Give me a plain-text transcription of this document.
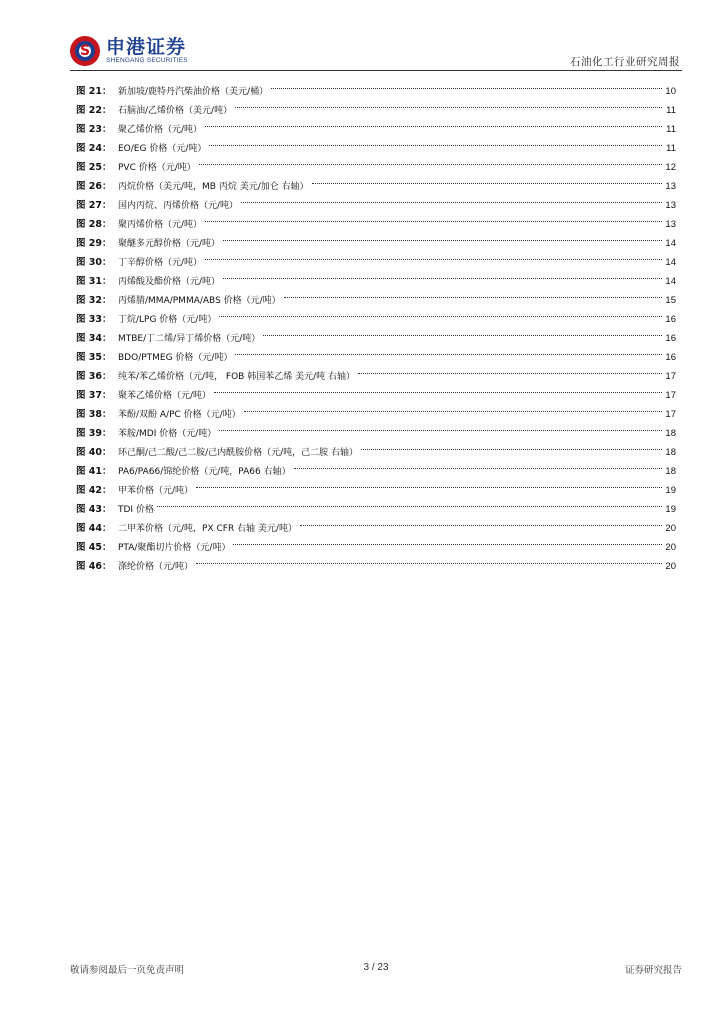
S 申港证券
SHENGANG SECURITIES	石油化工行业研究周报
图 21： 新加坡/鹿特丹汽柴油价格（美元/桶）	10
图 22： 石脑油/乙烯价格（美元/吨）	11
图 23： 聚乙烯价格（元/吨）	11
图 24： EO/EG 价格（元/吨）	11
图 25： PVC 价格（元/吨）	12
图 26： 丙烷价格（美元/吨，MB 丙烷 美元/加仑 右轴）	13
图 27： 国内丙烷、丙烯价格（元/吨）	13
图 28： 聚丙烯价格（元/吨）	13
图 29： 聚醚多元醇价格（元/吨）	14
图 30： 丁辛醇价格（元/吨）	14
图 31： 丙烯酸及酯价格（元/吨）	14
图 32： 丙烯腈/MMA/PMMA/ABS 价格（元/吨）	15
图 33： 丁烷/LPG 价格（元/吨）	16
图 34： MTBE/丁二烯/异丁烯价格（元/吨）	16
图 35： BDO/PTMEG 价格（元/吨）	16
图 36： 纯苯/苯乙烯价格（元/吨， FOB 韩国苯乙烯 美元/吨 右轴）	17
图 37： 聚苯乙烯价格（元/吨）	17
图 38： 苯酚/双酚 A/PC 价格（元/吨）	17
图 39： 苯胺/MDI 价格（元/吨）	18
图 40： 环己酮/己二酸/己二胺/己内酰胺价格（元/吨，己二胺 右轴）	18
图 41： PA6/PA66/锦纶价格（元/吨，PA66 右轴）	18
图 42： 甲苯价格（元/吨）	19
图 43： TDI 价格	19
图 44： 二甲苯价格（元/吨，PX CFR 右轴 美元/吨）	20
图 45： PTA/聚酯切片价格（元/吨）	20
图 46： 涤纶价格（元/吨）	20
敬请参阅最后一页免责声明	3 / 23	证券研究报告
